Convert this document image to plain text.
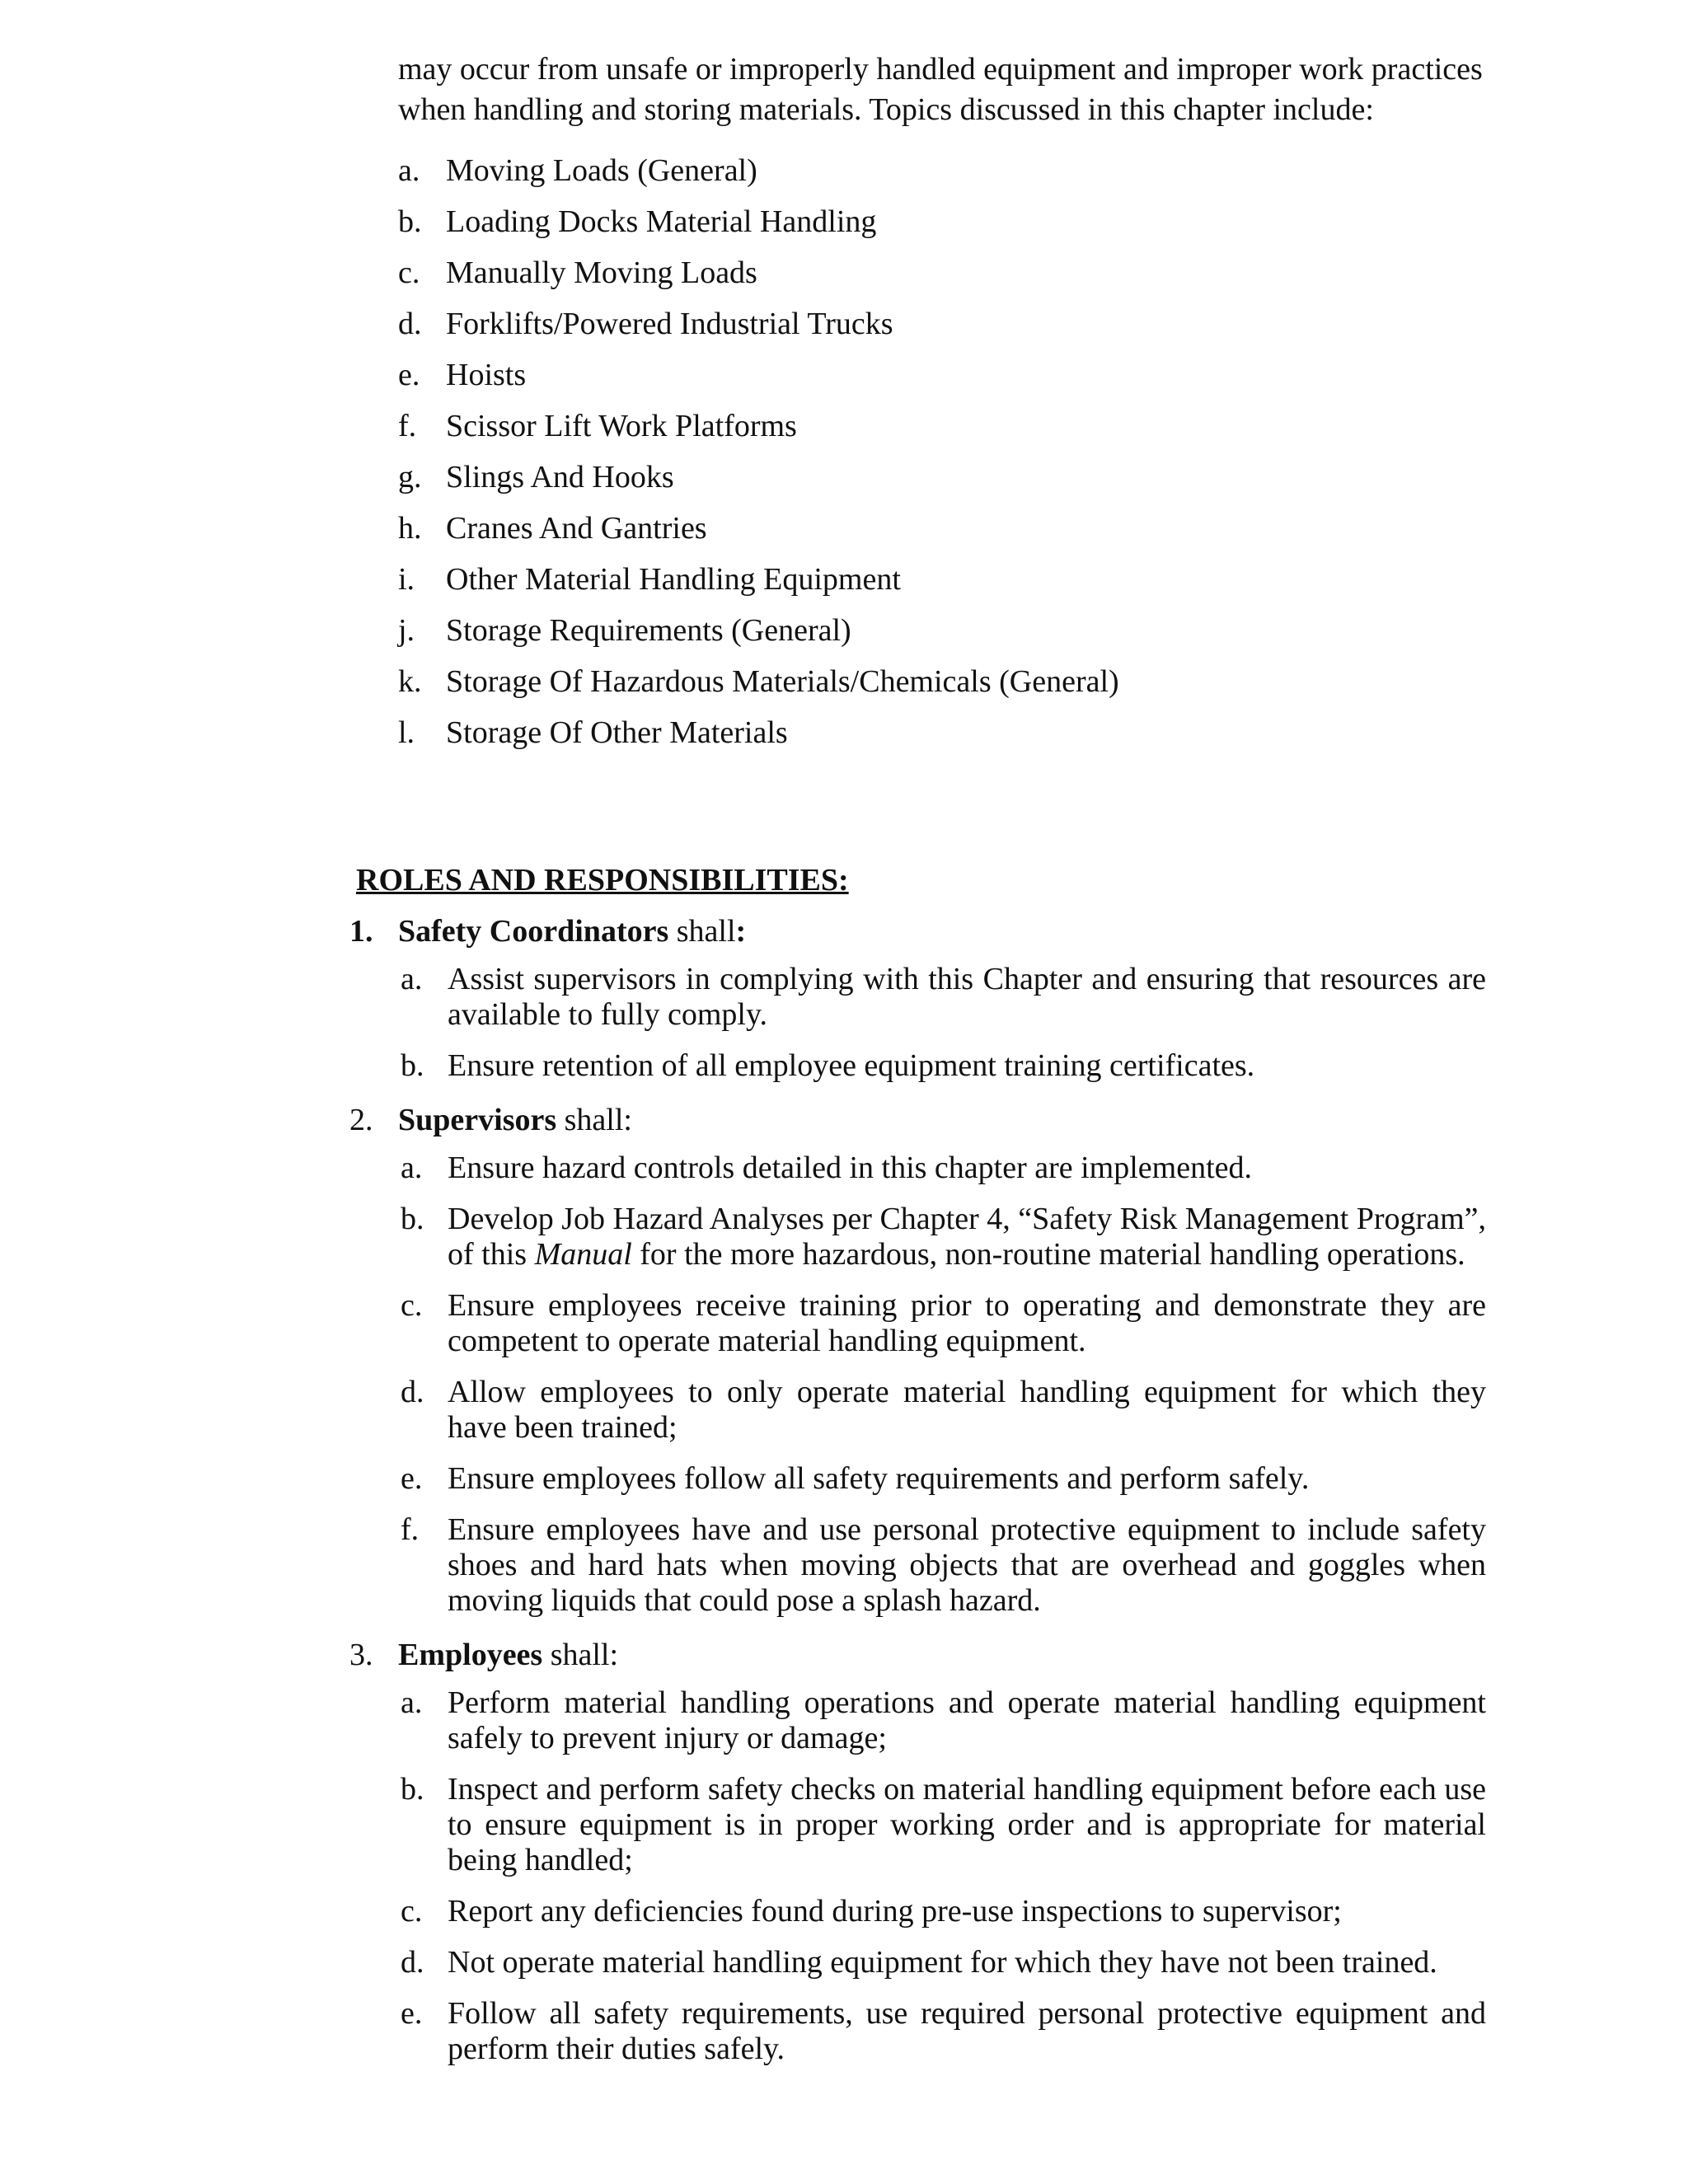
may occur from unsafe or improperly handled equipment and improper work practices
when handling and storing materials. Topics discussed in this chapter include:
a. Moving Loads (General)
b. Loading Docks Material Handling
c. Manually Moving Loads
d. Forklifts/Powered Industrial Trucks
e. Hoists
f. Scissor Lift Work Platforms
g. Slings And Hooks
h. Cranes And Gantries
i. Other Material Handling Equipment
j. Storage Requirements (General)
k. Storage Of Hazardous Materials/Chemicals (General)
l. Storage Of Other Materials
ROLES AND RESPONSIBILITIES:
1. Safety Coordinators shall:
a. Assist supervisors in complying with this Chapter and ensuring that resources are available to fully comply.
b. Ensure retention of all employee equipment training certificates.
2. Supervisors shall:
a. Ensure hazard controls detailed in this chapter are implemented.
b. Develop Job Hazard Analyses per Chapter 4, “Safety Risk Management Program”, of this Manual for the more hazardous, non-routine material handling operations.
c. Ensure employees receive training prior to operating and demonstrate they are competent to operate material handling equipment.
d. Allow employees to only operate material handling equipment for which they have been trained;
e. Ensure employees follow all safety requirements and perform safely.
f. Ensure employees have and use personal protective equipment to include safety shoes and hard hats when moving objects that are overhead and goggles when moving liquids that could pose a splash hazard.
3. Employees shall:
a. Perform material handling operations and operate material handling equipment safely to prevent injury or damage;
b. Inspect and perform safety checks on material handling equipment before each use to ensure equipment is in proper working order and is appropriate for material being handled;
c. Report any deficiencies found during pre-use inspections to supervisor;
d. Not operate material handling equipment for which they have not been trained.
e. Follow all safety requirements, use required personal protective equipment and perform their duties safely.
